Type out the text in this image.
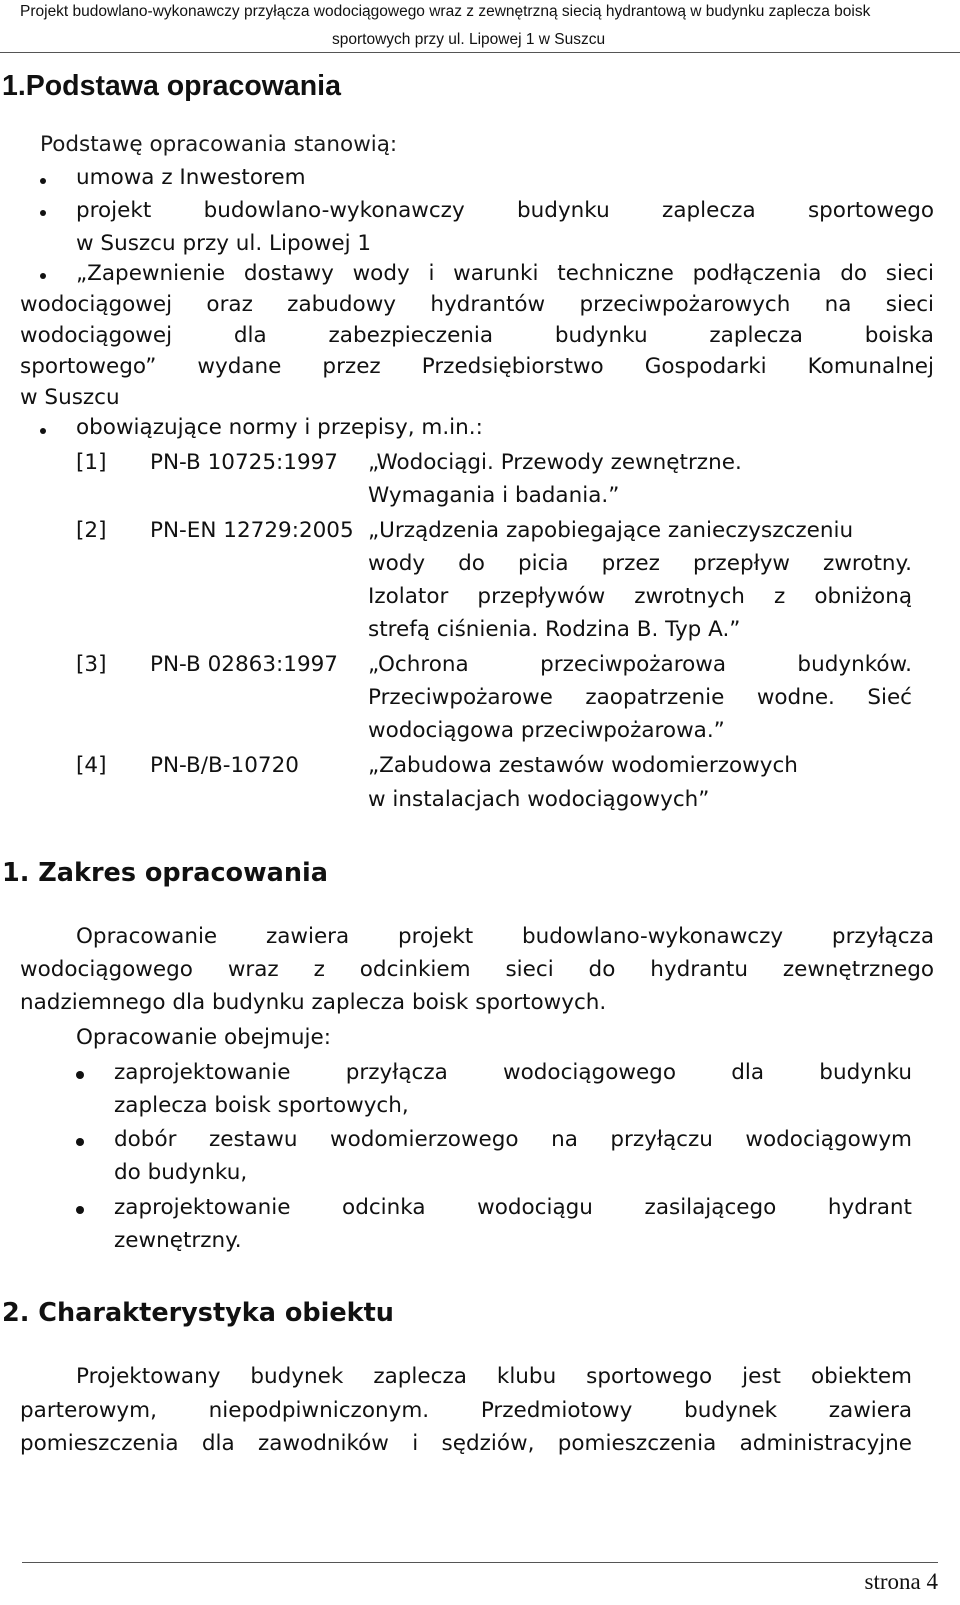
Projekt budowlano-wykonawczy przyłącza wodociągowego wraz z zewnętrzną siecią hydrantową w budynku zaplecza boisk
sportowych przy ul. Lipowej 1 w Suszcu
1.Podstawa opracowania
Podstawę opracowania stanowią:
umowa z Inwestorem
projekt budowlano-wykonawczy budynku zaplecza sportowego
w Suszcu przy ul. Lipowej 1
„Zapewnienie dostawy wody i warunki techniczne podłączenia do sieci
wodociągowej oraz zabudowy hydrantów przeciwpożarowych na sieci
wodociągowej dla zabezpieczenia budynku zaplecza boiska
sportowego” wydane przez Przedsiębiorstwo Gospodarki Komunalnej
w Suszcu
obowiązujące normy i przepisy, m.in.:
[1] PN-B 10725:1997 „Wodociągi. Przewody zewnętrzne.
Wymagania i badania.”
[2] PN-EN 12729:2005 „Urządzenia zapobiegające zanieczyszczeniu
wody do picia przez przepływ zwrotny.
Izolator przepływów zwrotnych z obniżoną
strefą ciśnienia. Rodzina B. Typ A.”
[3] PN-B 02863:1997 „Ochrona przeciwpożarowa budynków.
Przeciwpożarowe zaopatrzenie wodne. Sieć
wodociągowa przeciwpożarowa.”
[4] PN-B/B-10720	„Zabudowa zestawów wodomierzowych
w instalacjach wodociągowych”
1. Zakres opracowania
Opracowanie zawiera projekt budowlano-wykonawczy przyłącza
wodociągowego wraz z odcinkiem sieci do hydrantu zewnętrznego
nadziemnego dla budynku zaplecza boisk sportowych.
Opracowanie obejmuje:
zaprojektowanie przyłącza wodociągowego dla budynku
zaplecza boisk sportowych,
dobór zestawu wodomierzowego na przyłączu wodociągowym
do budynku,
zaprojektowanie odcinka wodociągu zasilającego hydrant
zewnętrzny.
2. Charakterystyka obiektu
Projektowany budynek zaplecza klubu sportowego jest obiektem
parterowym, niepodpiwniczonym. Przedmiotowy budynek zawiera
pomieszczenia dla zawodników i sędziów, pomieszczenia administracyjne
strona 4
